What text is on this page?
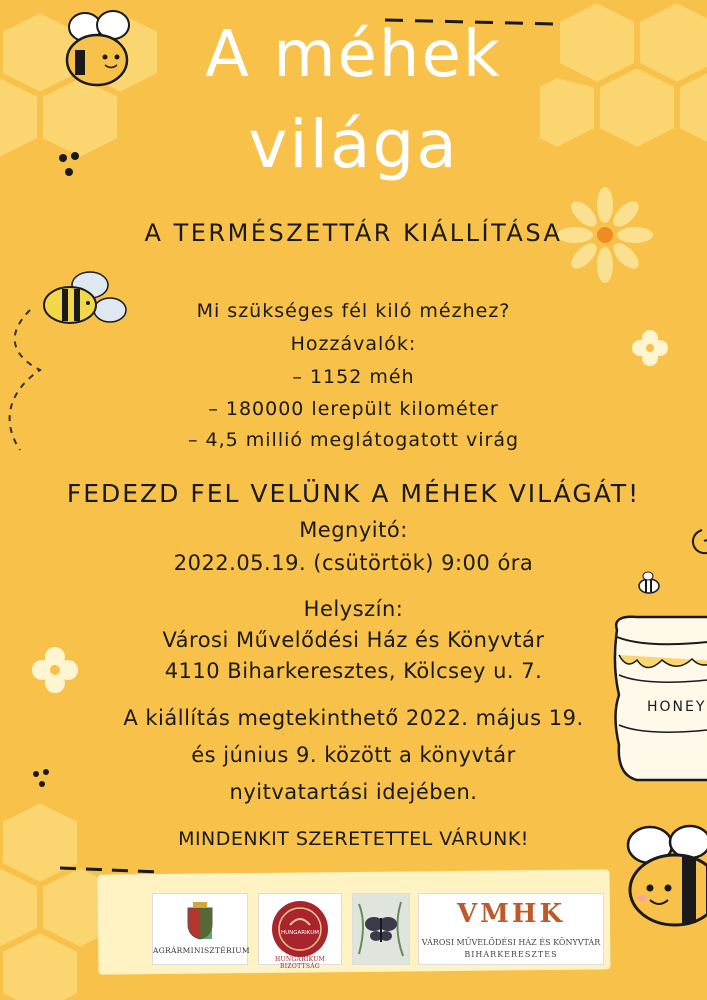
HONEY
A méhek
világa
A TERMÉSZETTÁR KIÁLLÍTÁSA
Mi szükséges fél kiló mézhez?
Hozzávalók:
– 1152 méh
– 180000 lerepült kilométer
– 4,5 millió meglátogatott virág
FEDEZD FEL VELÜNK A MÉHEK VILÁGÁT!
Megnyitó:
2022.05.19. (csütörtök) 9:00 óra
Helyszín:
Városi Művelődési Ház és Könyvtár
4110 Biharkeresztes, Kölcsey u. 7.
A kiállítás megtekinthető 2022. május 19.
és június 9. között a könyvtár
nyitvatartási idejében.
MINDENKIT SZERETETTEL VÁRUNK!
AGRÁRMINISZTÉRIUM
HUNGARIKUM
HUNGARIKUM BIZOTTSÁG
VMHK
VÁROSI MŰVELŐDÉSI HÁZ ÉS KÖNYVTÁR
BIHARKERESZTES
